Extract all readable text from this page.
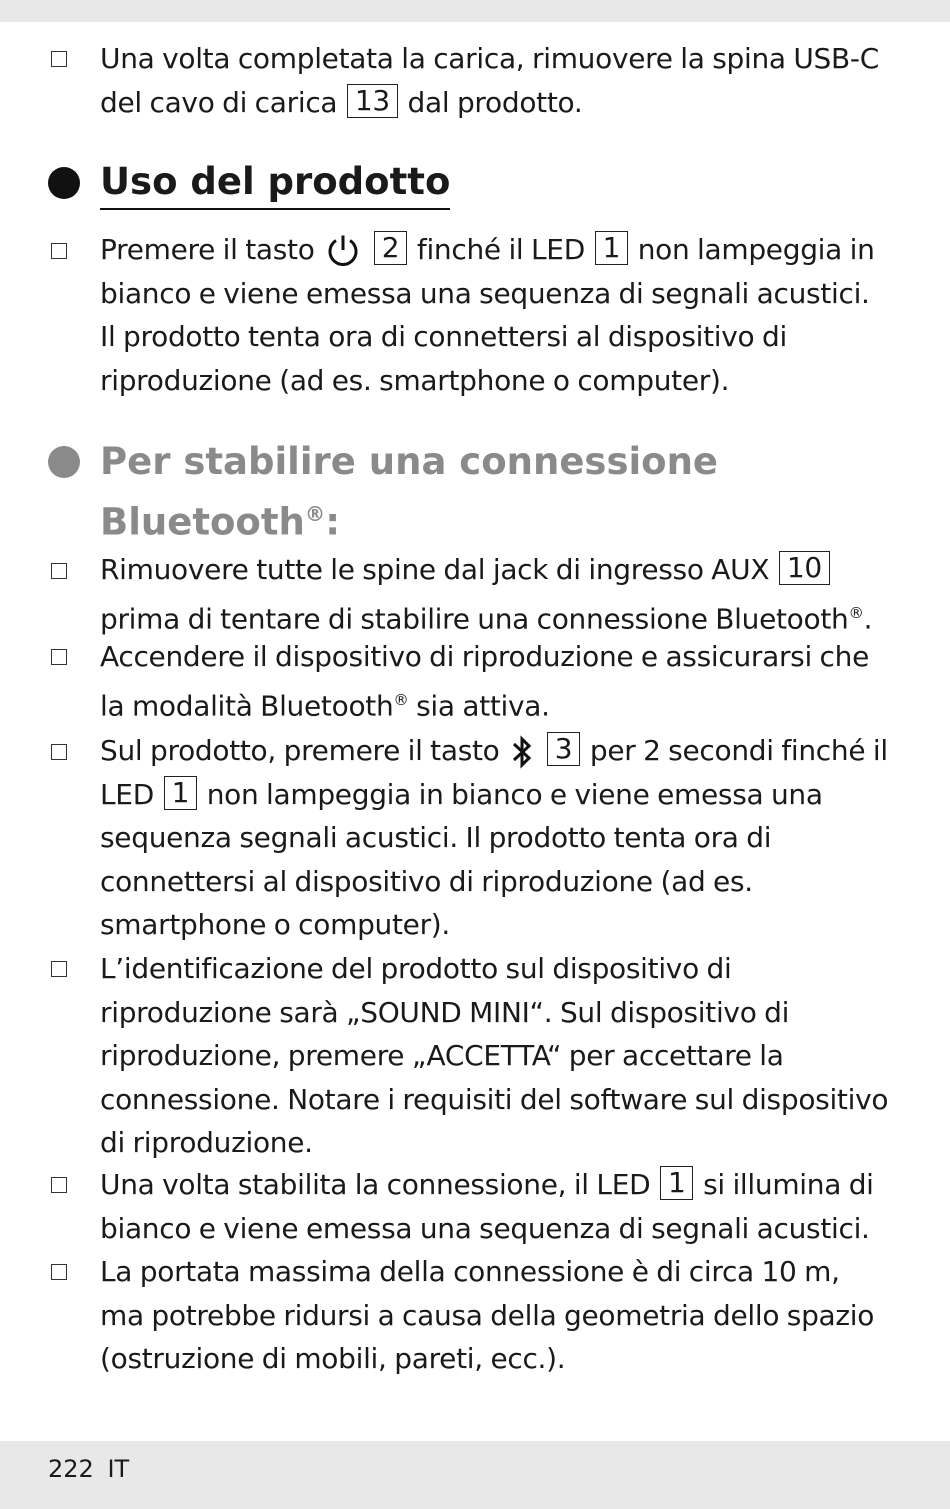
Una volta completata la carica, rimuovere la spina USB-C del cavo di carica 13 dal prodotto.
Uso del prodotto
Premere il tasto 2 finché il LED 1 non lampeggia in bianco e viene emessa una sequenza di segnali acustici. Il prodotto tenta ora di connettersi al dispositivo di riproduzione (ad es. smartphone o computer).
Per stabilire una connessione
Bluetooth®:
Rimuovere tutte le spine dal jack di ingresso AUX 10 prima di tentare di stabilire una connessione Bluetooth®.
Accendere il dispositivo di riproduzione e assicurarsi che la modalità Bluetooth® sia attiva.
Sul prodotto, premere il tasto 3 per 2 secondi finché il LED 1 non lampeggia in bianco e viene emessa una sequenza segnali acustici. Il prodotto tenta ora di connettersi al dispositivo di riproduzione (ad es. smartphone o computer).
L’identificazione del prodotto sul dispositivo di riproduzione sarà „SOUND MINI“. Sul dispositivo di riproduzione, premere „ACCETTA“ per accettare la connessione. Notare i requisiti del software sul dispositivo di riproduzione.
Una volta stabilita la connessione, il LED 1 si illumina di bianco e viene emessa una sequenza di segnali acustici.
La portata massima della connessione è di circa 10 m, ma potrebbe ridursi a causa della geometria dello spazio (ostruzione di mobili, pareti, ecc.).
222 IT
